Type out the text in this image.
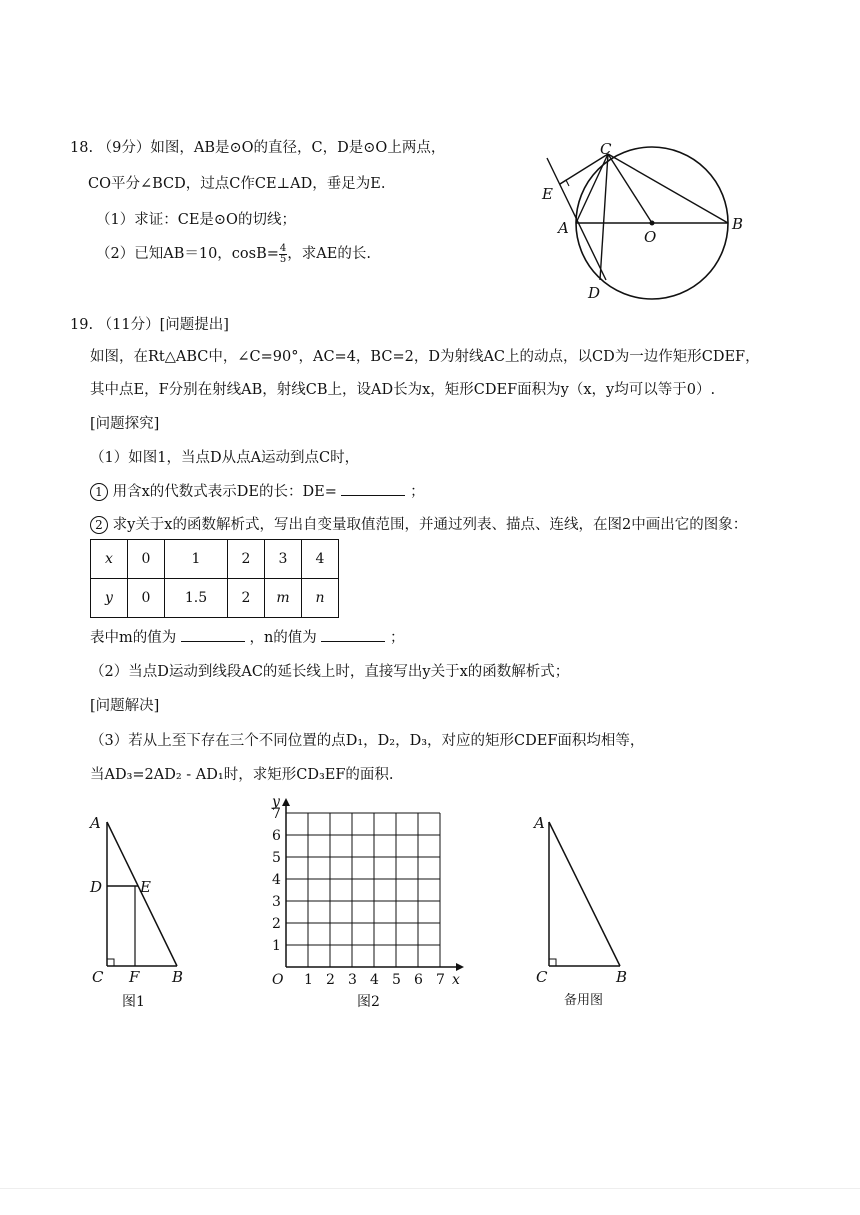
18. （9分）如图，AB是⊙O的直径，C，D是⊙O上两点，
CO平分∠BCD，过点C作CE⊥AD，垂足为E.
（1）求证：CE是⊙O的切线；
（2）已知AB＝10，$\cos B= \frac{4}{5}$ ，求AE的长.
C
E
A	O
B
D
19. （11分）[问题提出]
如图，在Rt△ABC中，∠C=90°，AC=4，BC=2，D为射线AC上的动点，以CD为一边作矩形CDEF，
其中点E，F分别在射线AB，射线CB上，设AD长为x，矩形CDEF面积为y（x，y均可以等于0）.
[问题探究]
（1）如图1，当点D从点A运动到点C时，
1 用含x的代数式表示DE的长：DE=	；
2 求y关于x的函数解析式，写出自变量取值范围，并通过列表、描点、连线，在图2中画出它的图象：
x	0	1	2	3	4
y	0	1.5	2	m	n
表中m的值为	，n的值为	；
（2）当点D运动到线段AC的延长线上时，直接写出y关于x的函数解析式；
[问题解决]
（3）若从上至下存在三个不同位置的点D₁，D₂，D₃，对应的矩形CDEF面积均相等，
当AD₃=2AD₂ - AD₁时，求矩形CD₃EF的面积.
A
D	E
C F B
图1
y
x
O 1 2 3 4 5 6 7
1
2
3
4
5
6
7
图2
A
C	B
备用图
